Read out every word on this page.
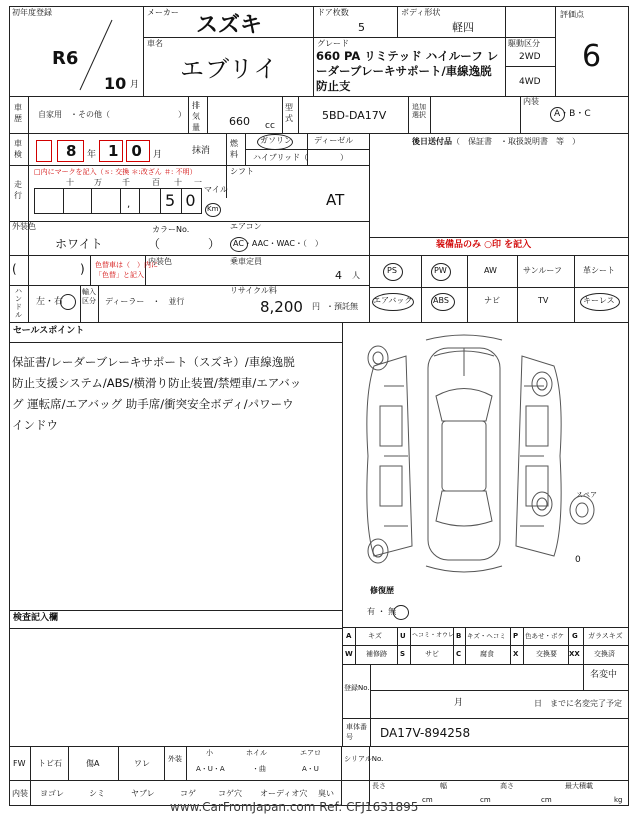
初年度登録
R6
10 月
メーカー
スズキ
ドア枚数
5
ボディ形状
軽四
評価点
6
車名
エブリイ
グレード
660 PA リミテッド ハイルーフ レーダーブレーキサポート/車線逸脱防止支
駆動区分
2WD
4WD
車歴 自家用　・その他（	）
排気量	660 cc
型式	5BD-DA17V
追加選択
内装
A・B・C
車検	8 年 10
月	抹消
燃料
ガソリン	ディーゼル
ハイブリッド （　　　　）
後日送付品 （　保証書　・取扱説明書　等　）
走行
□内にマークを記入（ｓ: 交換 ＊:改ざん ＃: 不明）
十	万	千	百 十 一
, 5  0
マイル
Km
シフト
AT
外装色
ホワイト
カラーNo.
（　　　　）
エアコン
AC・AAC・WAC・（　）	装備品のみ ○印 を記入
(	) 色替車は（　）内に
「色替」と記入
内装色	乗車定員
4 人
ハンドル
左・右
輸入区分 ディーラー　・　並行
リサイクル料
8,200 円 ・預託無
PS	PW	AW	サンルーフ	革シート
エアバック	ABS	ナビ	TV	キーレス
セールスポイント
保証書/レーダーブレーキサポート（スズキ）/車線逸脱
防止支援システム/ABS/横滑り防止装置/禁煙車/エアバッ
グ 運転席/エアバッグ 助手席/衝突安全ボディ/パワーウ
インドウ
検査記入欄
スペア
0
修復歴
有 ・ 無
A キズ	U ヘコミ・オウレ B キズ・ヘコミ P 色あせ・ボケ G ガラスキズ
W 補修跡 S	サビ C	腐食	X	交換要 XX 交換済
登録No.
名変中
月	日　までに名変完了予定
車体番号	DA17V-894258
FW トビ石	傷A	ワレ	外装
小	ホイル	エアロ
A・U・A	・曲	A・U
シリアルNo.
内装 ヨゴレ	シミ	ヤブレ	コゲ	コゲ穴 オーディオ穴 臭い
長さ	幅	高さ	最大積載
cm	cm	cm	kg
www.CarFromJapan.com Ref: CFJ1631895
